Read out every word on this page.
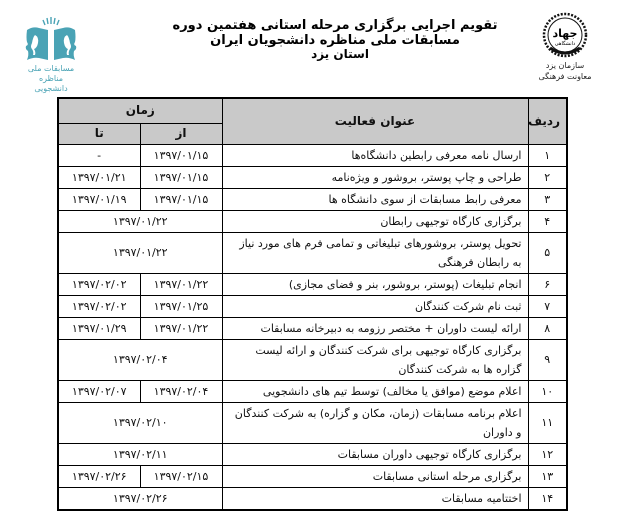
مسابقات ملی
مناظره دانشجویی
تقویم اجرایی برگزاری مرحله استانی هفتمین دوره مسابقات ملی مناظره دانشجویان ایران
استان یزد
جهاد
دانشگاهی
سازمان یزد
معاونت فرهنگی
ردیف	عنوان فعالیت	زمان	
		از	تا
۱	ارسال نامه معرفی رابطین دانشگاه‌ها	۱۳۹۷/۰۱/۱۵	-
۲	طراحی و چاپ پوستر، بروشور و ویژه‌نامه	۱۳۹۷/۰۱/۱۵	۱۳۹۷/۰۱/۲۱
۳	معرفی رابط مسابقات از سوی دانشگاه ها	۱۳۹۷/۰۱/۱۵	۱۳۹۷/۰۱/۱۹
۴	برگزاری کارگاه توجیهی رابطان	۱۳۹۷/۰۱/۲۲	
۵	تحویل پوستر، بروشورهای تبلیغاتی و تمامی فرم های مورد نیاز به رابطان فرهنگی	۱۳۹۷/۰۱/۲۲	
۶	انجام تبلیغات (پوستر، بروشور، بنر و فضای مجازی)	۱۳۹۷/۰۱/۲۲	۱۳۹۷/۰۲/۰۲
۷	ثبت نام شرکت کنندگان	۱۳۹۷/۰۱/۲۵	۱۳۹۷/۰۲/۰۲
۸	ارائه لیست داوران + مختصر رزومه به دبیرخانه مسابقات	۱۳۹۷/۰۱/۲۲	۱۳۹۷/۰۱/۲۹
۹	برگزاری کارگاه توجیهی برای شرکت کنندگان و ارائه لیست گزاره ها به شرکت کنندگان	۱۳۹۷/۰۲/۰۴	
۱۰	اعلام موضع (موافق یا مخالف) توسط تیم های دانشجویی	۱۳۹۷/۰۲/۰۴	۱۳۹۷/۰۲/۰۷
۱۱	اعلام برنامه مسابقات (زمان، مکان و گزاره) به شرکت کنندگان و داوران	۱۳۹۷/۰۲/۱۰	
۱۲	برگزاری کارگاه توجیهی داوران مسابقات	۱۳۹۷/۰۲/۱۱	
۱۳	برگزاری مرحله استانی مسابقات	۱۳۹۷/۰۲/۱۵	۱۳۹۷/۰۲/۲۶
۱۴	اختتامیه مسابقات	۱۳۹۷/۰۲/۲۶	
